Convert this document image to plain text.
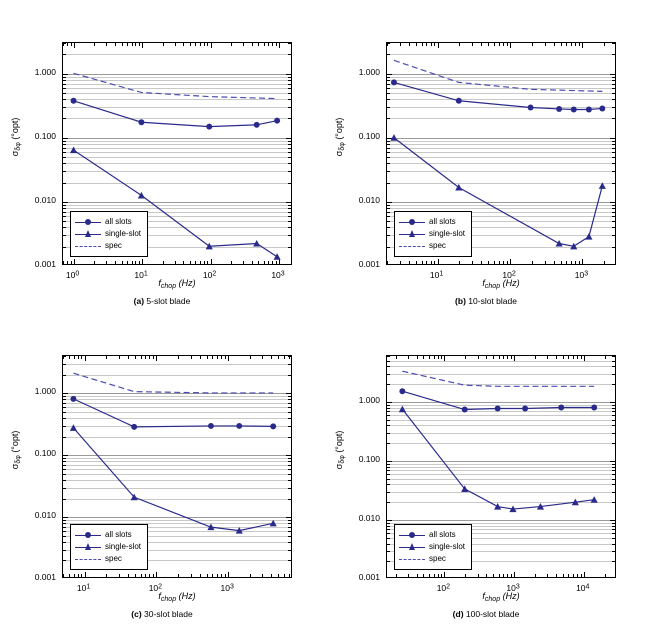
all slots
single-slot
spec
1.000
0.100
0.010
0.001
$10^0$	$10^1$	$10^2$	$10^3$
$f_{chop}$ (Hz)
$\sigma_{\delta\varphi}$ (°opt)
(a) 5-slot blade
all slots
single-slot
spec
1.000
0.100
0.010
0.001
$10^1$	$10^2$	$10^3$
$f_{chop}$ (Hz)
$\sigma_{\delta\varphi}$ (°opt)
(b) 10-slot blade
all slots
single-slot
spec
1.000
0.100
0.010
0.001
$10^1$	$10^2$	$10^3$
$f_{chop}$ (Hz)
$\sigma_{\delta\varphi}$ (°opt)
(c) 30-slot blade
all slots
single-slot
spec
1.000
0.100
0.010
0.001
$10^2$	$10^3$	$10^4$
$f_{chop}$ (Hz)
$\sigma_{\delta\varphi}$ (°opt)
(d) 100-slot blade
